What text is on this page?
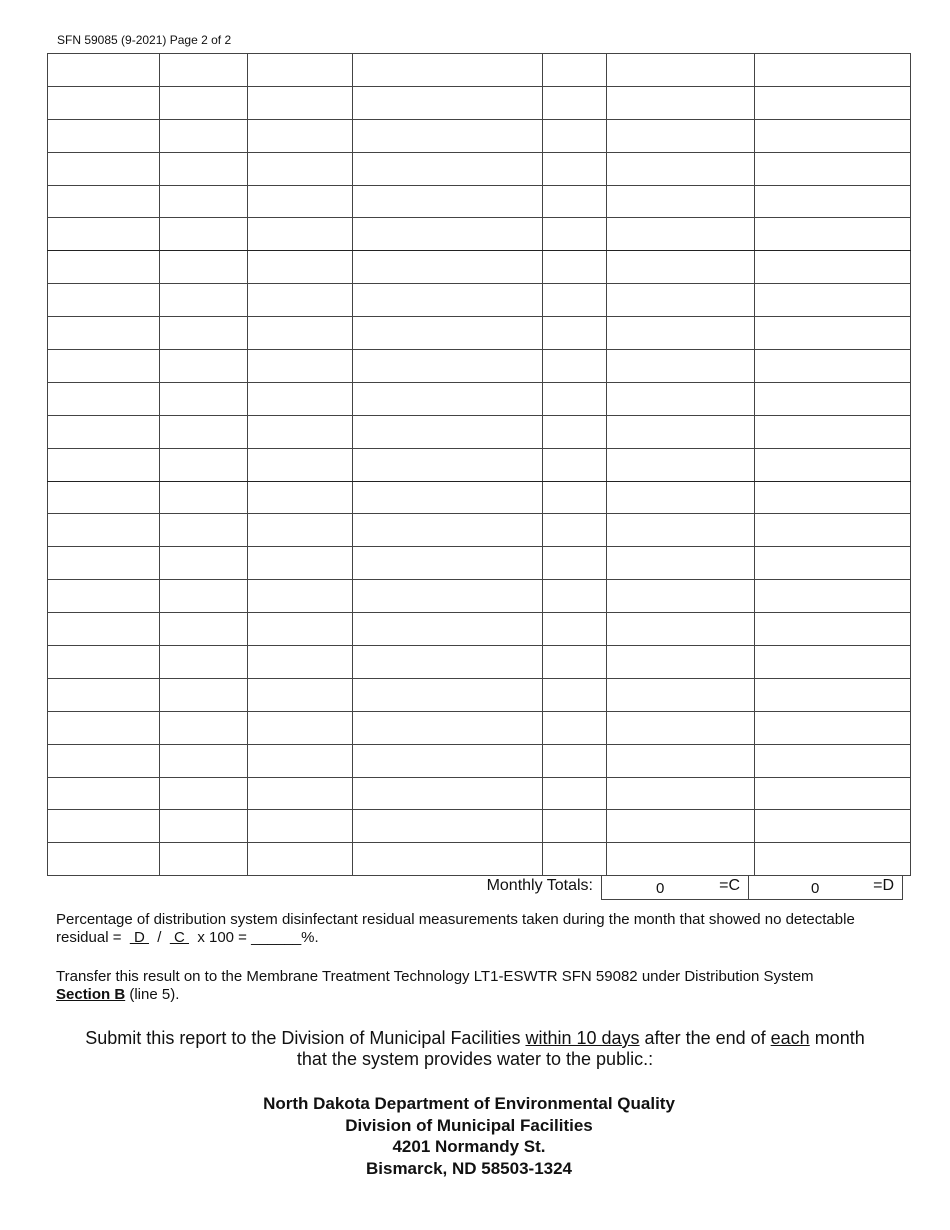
SFN 59085 (9-2021) Page 2 of 2

Monthly Totals:	0	=C	0	=D
Percentage of distribution system disinfectant residual measurements taken during the month that showed no detectable
residual =   D   /   C   x 100 = ______%.
Transfer this result on to the Membrane Treatment Technology LT1-ESWTR SFN 59082 under Distribution System
Section B (line 5).
Submit this report to the Division of Municipal Facilities within 10 days after the end of each month
that the system provides water to the public.:
North Dakota Department of Environmental Quality
Division of Municipal Facilities
4201 Normandy St.
Bismarck, ND 58503-1324
